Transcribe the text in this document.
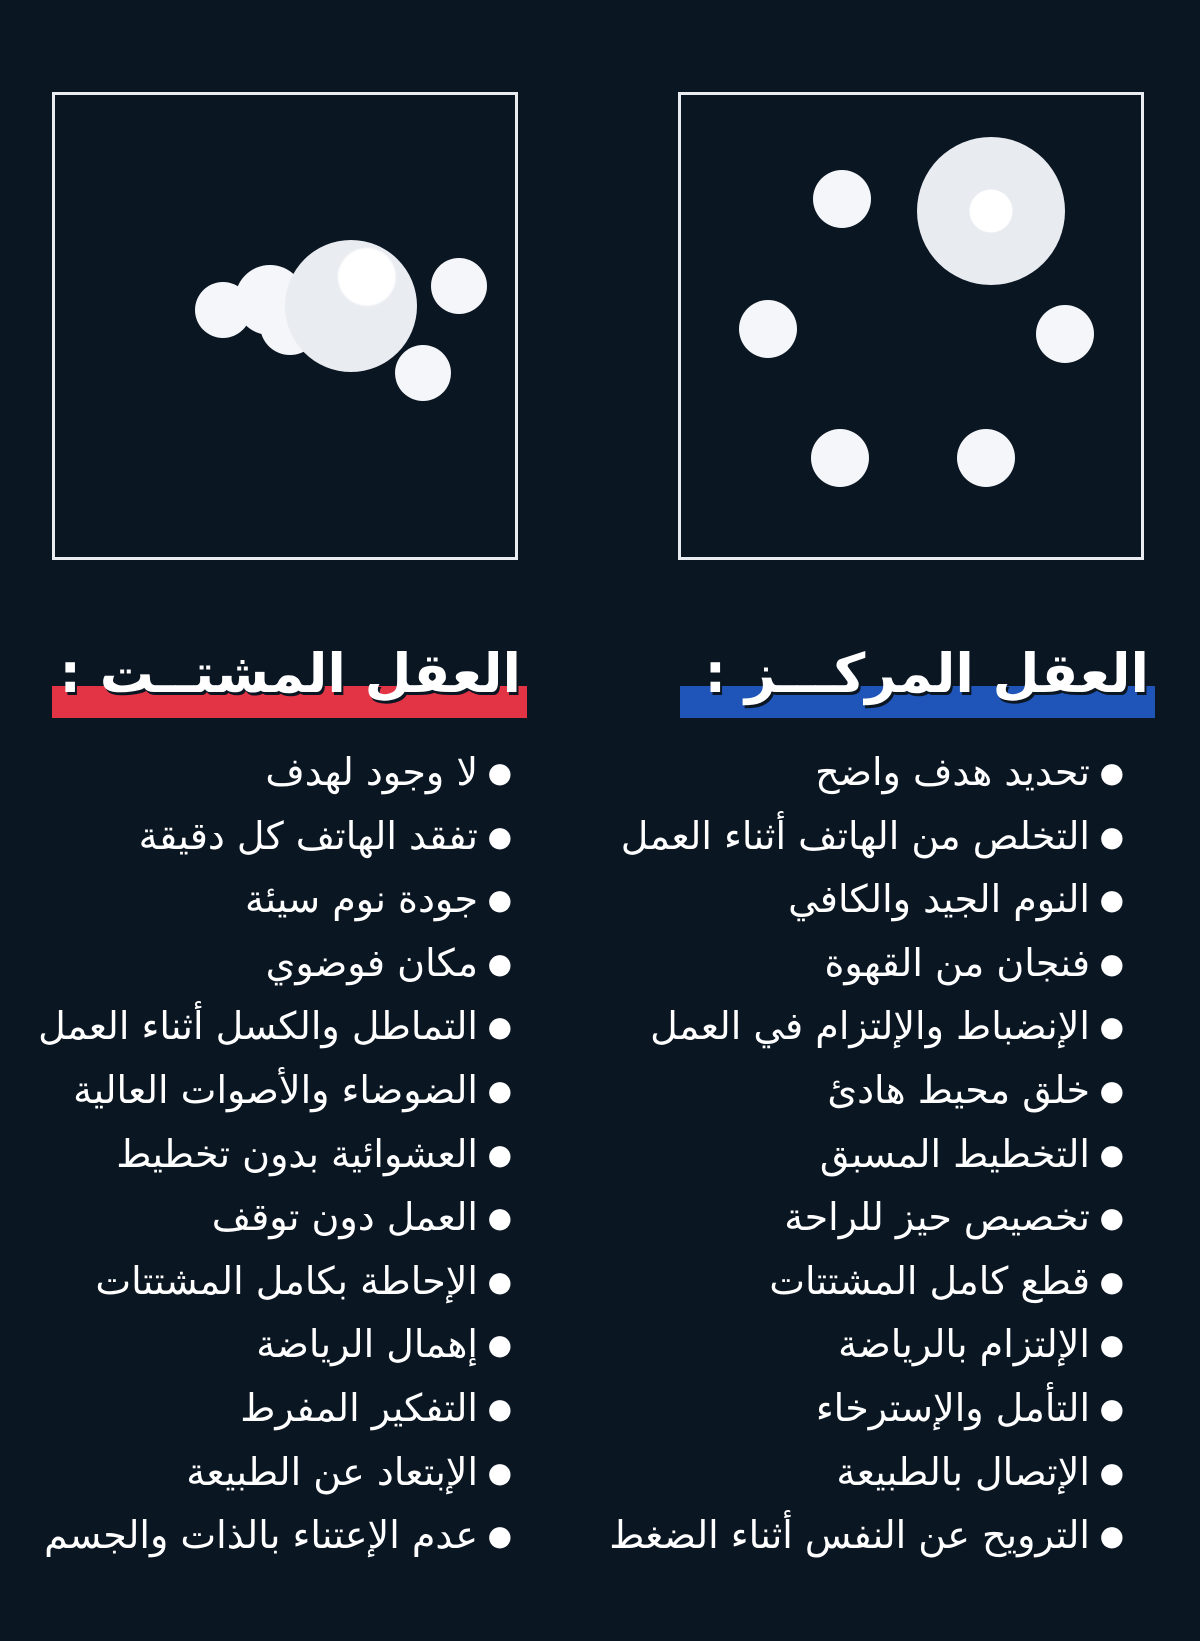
العقل المشتــت :	العقل المركـــز :
●
لا وجود لهدف
●
تفقد الهاتف كل دقيقة
●
جودة نوم سيئة
●
مكان فوضوي
●
التماطل والكسل أثناء العمل
●
الضوضاء والأصوات العالية
●
العشوائية بدون تخطيط
●
العمل دون توقف
●
الإحاطة بكامل المشتتات
●
إهمال الرياضة
●
التفكير المفرط
●
الإبتعاد عن الطبيعة
●
عدم الإعتناء بالذات والجسم
●
تحديد هدف واضح
●
التخلص من الهاتف أثناء العمل
●
النوم الجيد والكافي
●
فنجان من القهوة
●
الإنضباط والإلتزام في العمل
●
خلق محيط هادئ
●
التخطيط المسبق
●
تخصيص حيز للراحة
●
قطع كامل المشتتات
●
الإلتزام بالرياضة
●
التأمل والإسترخاء
●
الإتصال بالطبيعة
●
الترويح عن النفس أثناء الضغط
